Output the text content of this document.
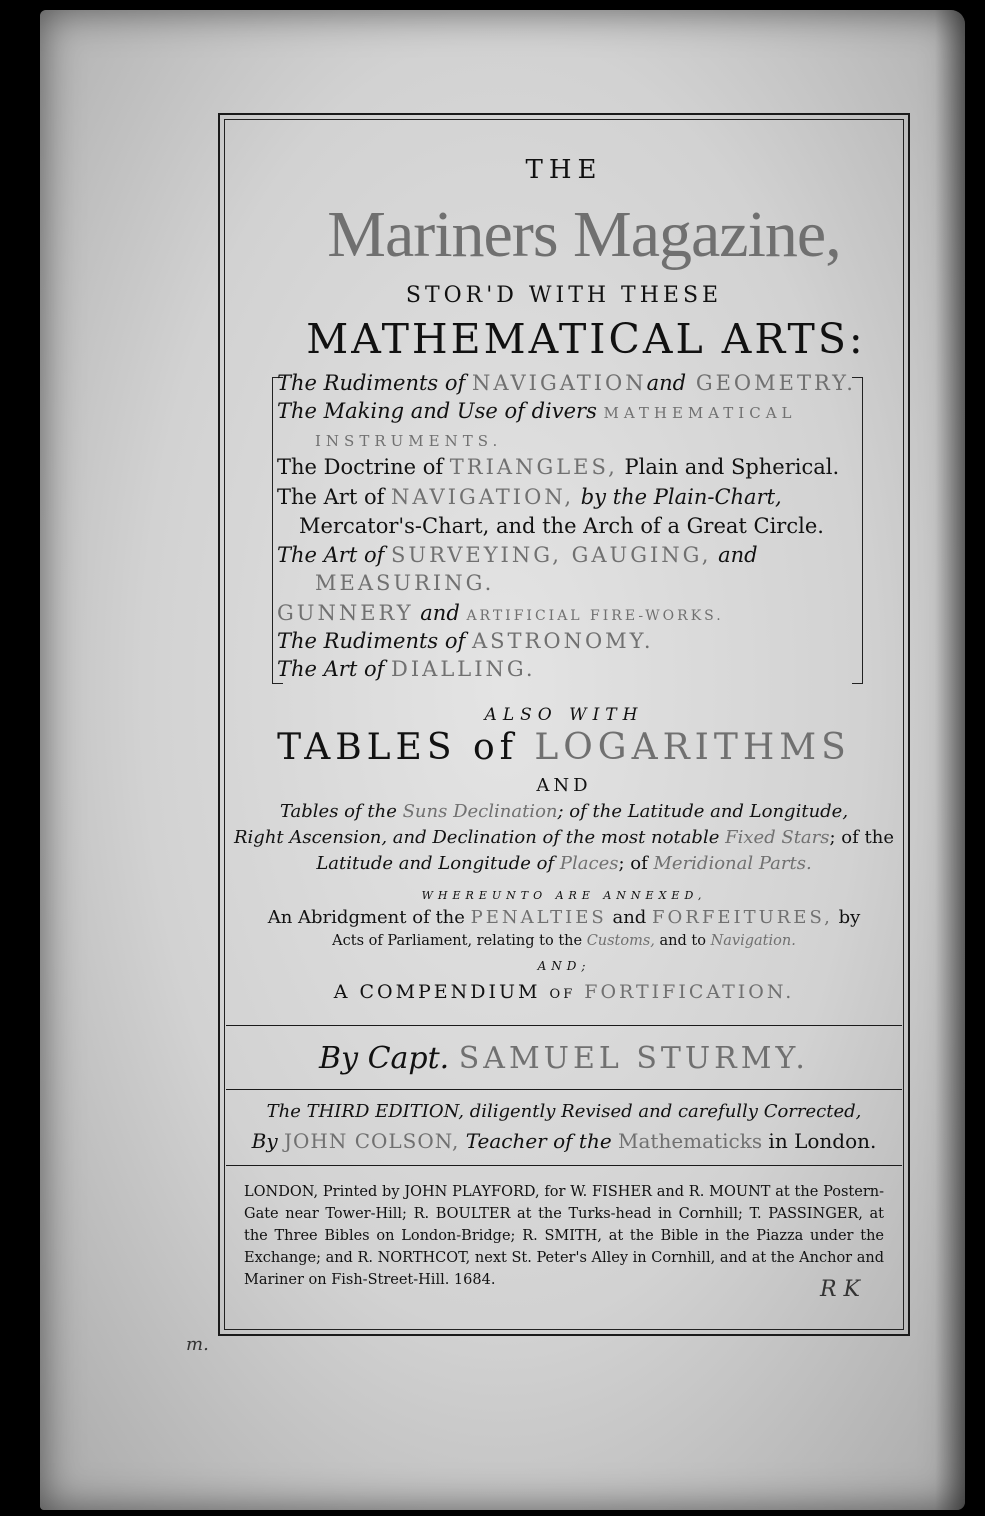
THE
Mariners Magazine,
STOR'D WITH THESE
MATHEMATICAL ARTS:
The Rudiments of NAVIGATIONand GEOMETRY.
The Making and Use of divers MATHEMATICAL
INSTRUMENTS.
The Doctrine of TRIANGLES, Plain and Spherical.
The Art of NAVIGATION, by the Plain-Chart,
Mercator's-Chart, and the Arch of a Great Circle.
The Art of SURVEYING, GAUGING, and
MEASURING.
GUNNERY and ARTIFICIAL FIRE-WORKS.
The Rudiments of ASTRONOMY.
The Art of DIALLING.
ALSO WITH
TABLES of LOGARITHMS
AND
Tables of the Suns Declination; of the Latitude and Longitude,
Right Ascension, and Declination of the most notable Fixed Stars; of the
Latitude and Longitude of Places; of Meridional Parts.
WHEREUNTO ARE ANNEXED,
An Abridgment of the PENALTIES and FORFEITURES, by
Acts of Parliament, relating to the Customs, and to Navigation.
AND;
A COMPENDIUM of FORTIFICATION.
By Capt. SAMUEL STURMY.
The THIRD EDITION, diligently Revised and carefully Corrected,
By JOHN COLSON, Teacher of the Mathematicks in London.
LONDON, Printed by JOHN PLAYFORD, for W. FISHER and R. MOUNT at the Postern-Gate near Tower-Hill; R. BOULTER at the Turks-head in Cornhill; T. PASSINGER, at the Three Bibles on London-Bridge; R. SMITH, at the Bible in the Piazza under the Exchange; and R. NORTHCOT, next St. Peter's Alley in Cornhill, and at the Anchor and Mariner on Fish-Street-Hill. 1684.	R K
m.
